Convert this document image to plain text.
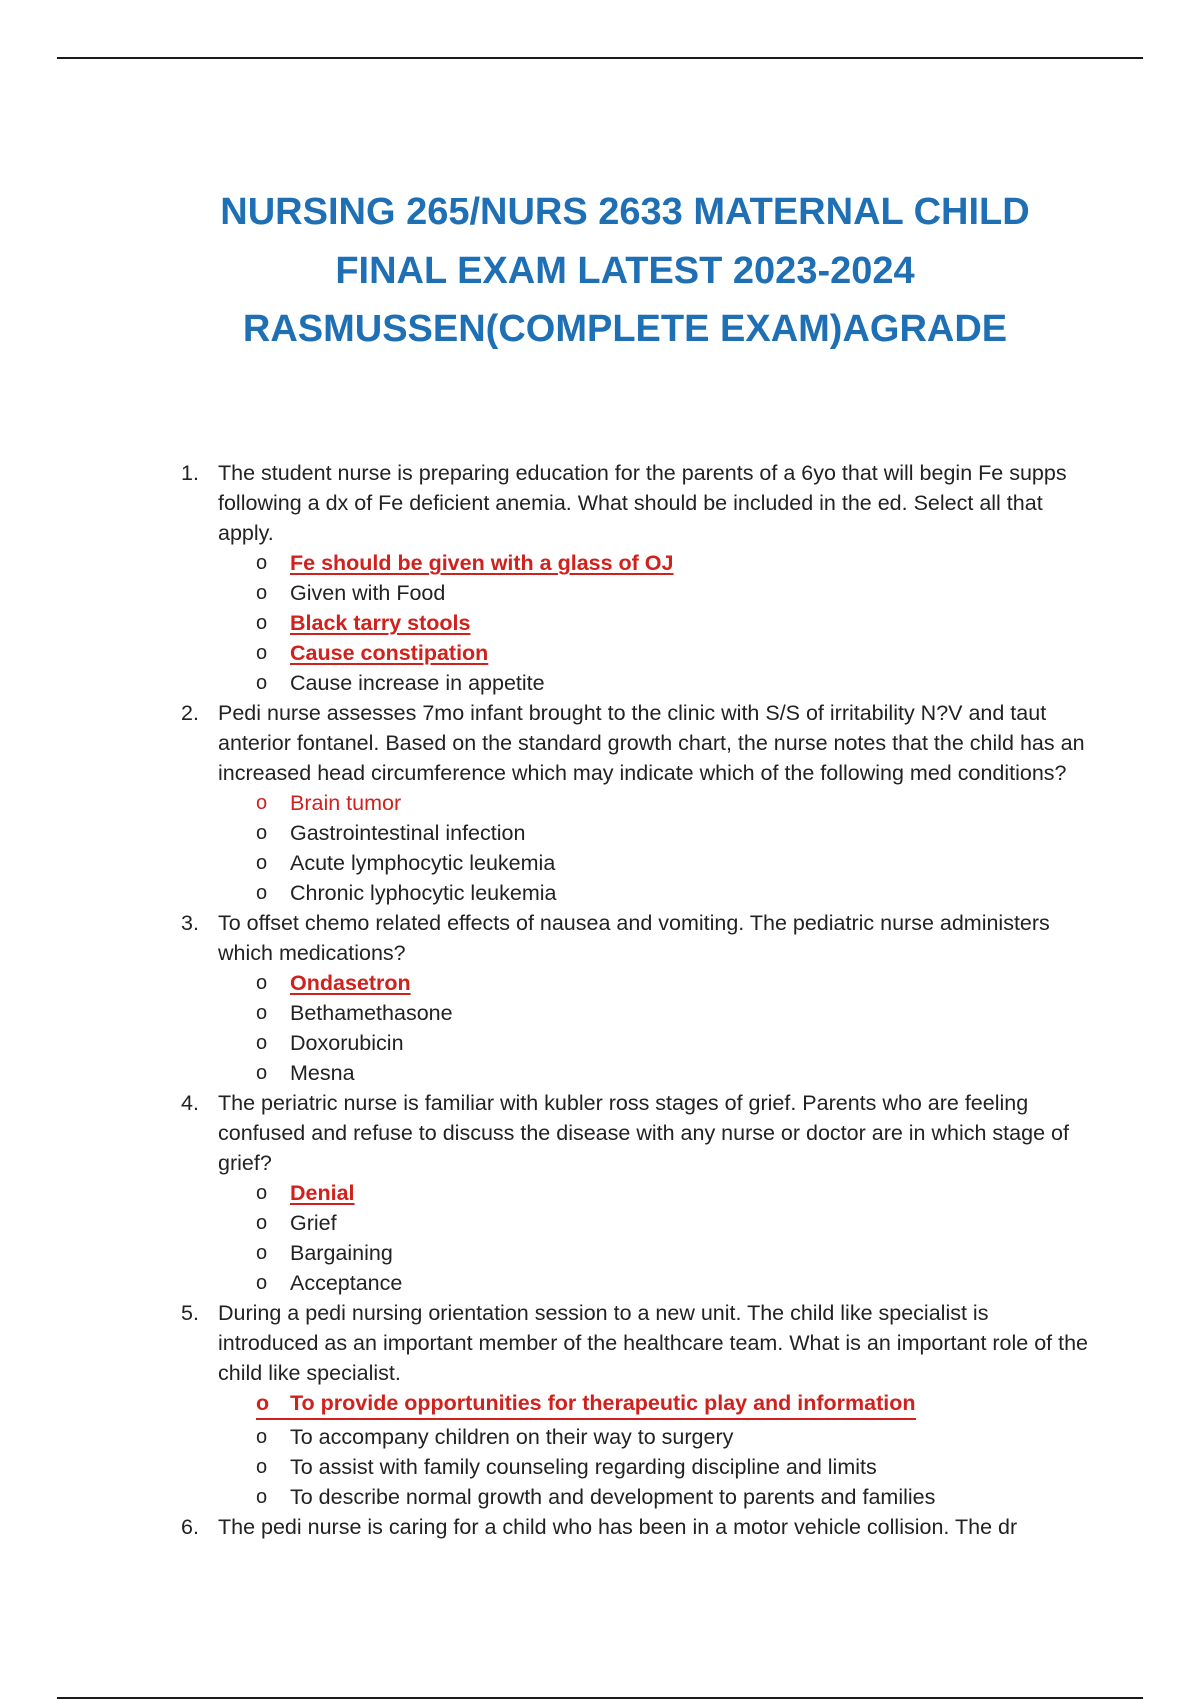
NURSING 265/NURS 2633 MATERNAL CHILD
FINAL EXAM LATEST 2023-2024
RASMUSSEN(COMPLETE EXAM)AGRADE
1. The student nurse is preparing education for the parents of a 6yo that will begin Fe supps following a dx of Fe deficient anemia. What should be included in the ed. Select all that apply.
o Fe should be given with a glass of OJ
o Given with Food
o Black tarry stools
o Cause constipation
o Cause increase in appetite
2. Pedi nurse assesses 7mo infant brought to the clinic with S/S of irritability N?V and taut anterior fontanel. Based on the standard growth chart, the nurse notes that the child has an increased head circumference which may indicate which of the following med conditions?
o Brain tumor
o Gastrointestinal infection
o Acute lymphocytic leukemia
o Chronic lyphocytic leukemia
3. To offset chemo related effects of nausea and vomiting. The pediatric nurse administers which medications?
o Ondasetron
o Bethamethasone
o Doxorubicin
o Mesna
4. The periatric nurse is familiar with kubler ross stages of grief. Parents who are feeling confused and refuse to discuss the disease with any nurse or doctor are in which stage of grief?
o Denial
o Grief
o Bargaining
o Acceptance
5. During a pedi nursing orientation session to a new unit. The child like specialist is introduced as an important member of the healthcare team. What is an important role of the child like specialist.
o To provide opportunities for therapeutic play and information
o To accompany children on their way to surgery
o To assist with family counseling regarding discipline and limits
o To describe normal growth and development to parents and families
6. The pedi nurse is caring for a child who has been in a motor vehicle collision. The dr
